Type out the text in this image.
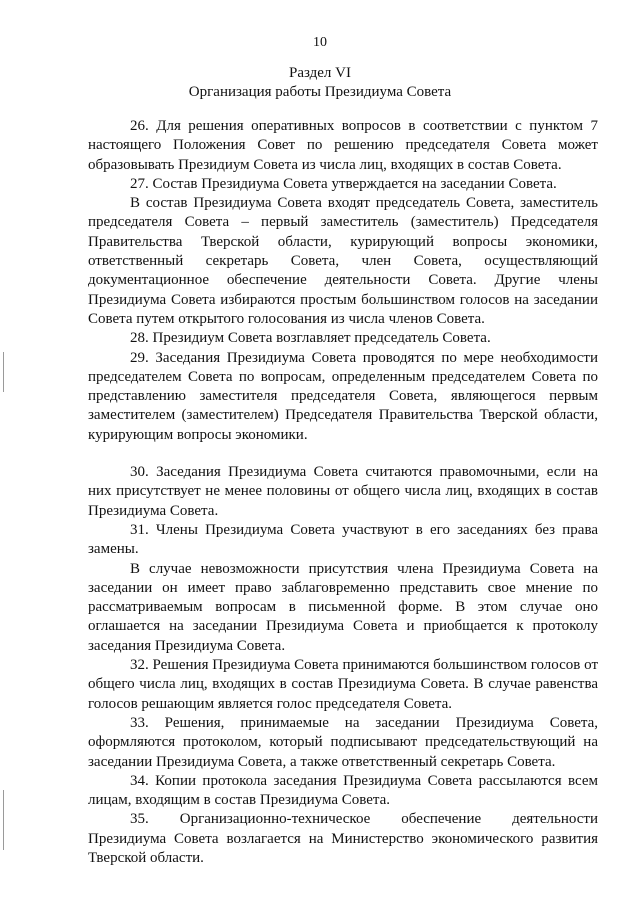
10
Раздел VI
Организация работы Президиума Совета

26. Для решения оперативных вопросов в соответствии с пунктом 7 настоящего Положения Совет по решению председателя Совета может образовывать Президиум Совета из числа лиц, входящих в состав Совета.

27. Состав Президиума Совета утверждается на заседании Совета.

В состав Президиума Совета входят председатель Совета, заместитель председателя Совета – первый заместитель (заместитель) Председателя Правительства Тверской области, курирующий вопросы экономики, ответственный секретарь Совета, член Совета, осуществляющий документационное обеспечение деятельности Совета. Другие члены Президиума Совета избираются простым большинством голосов на заседании Совета путем открытого голосования из числа членов Совета.

28. Президиум Совета возглавляет председатель Совета.

29. Заседания Президиума Совета проводятся по мере необходимости председателем Совета по вопросам, определенным председателем Совета по представлению заместителя председателя Совета, являющегося первым заместителем (заместителем) Председателя Правительства Тверской области, курирующим вопросы экономики.

30. Заседания Президиума Совета считаются правомочными, если на них присутствует не менее половины от общего числа лиц, входящих в состав Президиума Совета.

31. Члены Президиума Совета участвуют в его заседаниях без права замены.

В случае невозможности присутствия члена Президиума Совета на заседании он имеет право заблаговременно представить свое мнение по рассматриваемым вопросам в письменной форме. В этом случае оно оглашается на заседании Президиума Совета и приобщается к протоколу заседания Президиума Совета.

32. Решения Президиума Совета принимаются большинством голосов от общего числа лиц, входящих в состав Президиума Совета. В случае равенства голосов решающим является голос председателя Совета.

33. Решения, принимаемые на заседании Президиума Совета, оформляются протоколом, который подписывают председательствующий на заседании Президиума Совета, а также ответственный секретарь Совета.

34. Копии протокола заседания Президиума Совета рассылаются всем лицам, входящим в состав Президиума Совета.

35. Организационно-техническое обеспечение деятельности Президиума Совета возлагается на Министерство экономического развития Тверской области.
